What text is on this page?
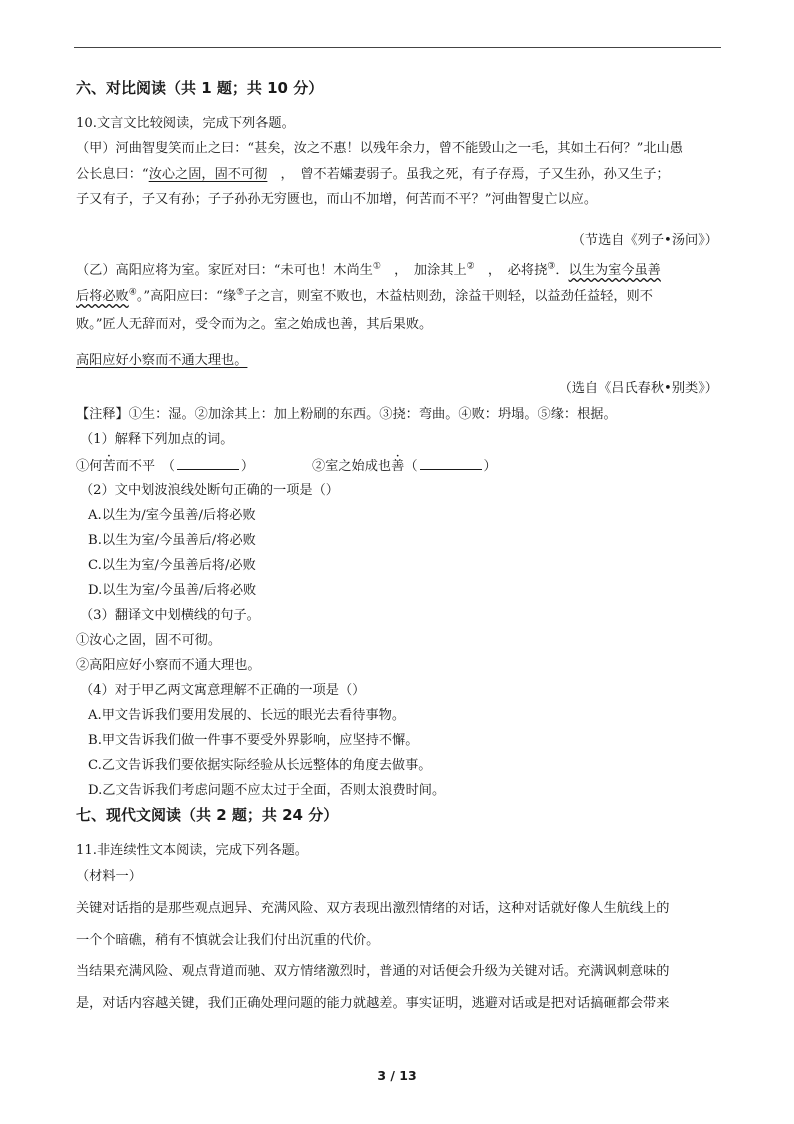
六、对比阅读（共 1 题；共 10 分）
10.文言文比较阅读，完成下列各题。
（甲）河曲智叟笑而止之曰：“甚矣，汝之不惠！以残年余力，曾不能毁山之一毛，其如土石何？”北山愚
公长息曰：“汝心之固，固不可彻　，　曾不若孀妻弱子。虽我之死，有子存焉，子又生孙，孙又生子；
子又有子，子又有孙；子子孙孙无穷匮也，而山不加增，何苦而不平？”河曲智叟亡以应。
（节选自《列子•汤问》）
（乙）高阳应将为室。家匠对曰：“未可也！木尚生①　，　加涂其上②　，　必将挠③．以生为室今虽善
后将必败④。”高阳应曰：“缘⑤子之言，则室不败也，木益枯则劲，涂益干则轻，以益劲任益轻，则不
败。”匠人无辞而对，受令而为之。室之始成也善，其后果败。
高阳应好小察而不通大理也。
（选自《吕氏春秋•别类》）
【注释】①生：湿。②加涂其上：加上粉刷的东西。③挠：弯曲。④败：坍塌。⑤缘：根据。
（1）解释下列加点的词。
①何苦而不平　（	）	②室之始成也善（	）
（2）文中划波浪线处断句正确的一项是（）
A.以生为/室今虽善/后将必败
B.以生为室/今虽善后/将必败
C.以生为室/今虽善后将/必败
D.以生为室/今虽善/后将必败
（3）翻译文中划横线的句子。
①汝心之固，固不可彻。
②高阳应好小察而不通大理也。
（4）对于甲乙两文寓意理解不正确的一项是（）
A.甲文告诉我们要用发展的、长远的眼光去看待事物。
B.甲文告诉我们做一件事不要受外界影响，应坚持不懈。
C.乙文告诉我们要依据实际经验从长远整体的角度去做事。
D.乙文告诉我们考虑问题不应太过于全面，否则太浪费时间。
七、现代文阅读（共 2 题；共 24 分）
11.非连续性文本阅读，完成下列各题。
（材料一）
关键对话指的是那些观点迥异、充满风险、双方表现出激烈情绪的对话，这种对话就好像人生航线上的
一个个暗礁，稍有不慎就会让我们付出沉重的代价。
当结果充满风险、观点背道而驰、双方情绪激烈时，普通的对话便会升级为关键对话。充满讽刺意味的
是，对话内容越关键，我们正确处理问题的能力就越差。事实证明，逃避对话或是把对话搞砸都会带来
3 / 13
